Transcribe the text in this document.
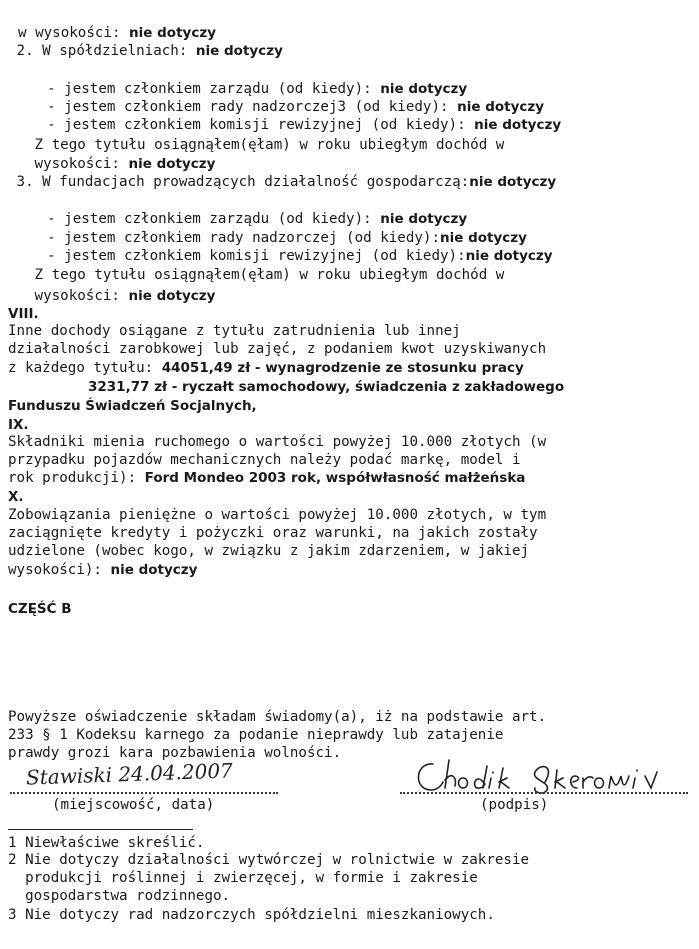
w wysokości: nie dotyczy
2. W spółdzielniach: nie dotyczy
- jestem członkiem zarządu (od kiedy): nie dotyczy
- jestem członkiem rady nadzorczej3 (od kiedy): nie dotyczy
- jestem członkiem komisji rewizyjnej (od kiedy): nie dotyczy
Z tego tytułu osiągnąłem(ęłam) w roku ubiegłym dochód w
wysokości: nie dotyczy
3. W fundacjach prowadzących działalność gospodarczą:nie dotyczy
- jestem członkiem zarządu (od kiedy): nie dotyczy
- jestem członkiem rady nadzorczej (od kiedy):nie dotyczy
- jestem członkiem komisji rewizyjnej (od kiedy):nie dotyczy
Z tego tytułu osiągnąłem(ęłam) w roku ubiegłym dochód w
wysokości: nie dotyczy
VIII.
Inne dochody osiągane z tytułu zatrudnienia lub innej
działalności zarobkowej lub zajęć, z podaniem kwot uzyskiwanych
z każdego tytułu: 44051,49 zł - wynagrodzenie ze stosunku pracy
3231,77 zł - ryczałt samochodowy, świadczenia z zakładowego
Funduszu Świadczeń Socjalnych,
IX.
Składniki mienia ruchomego o wartości powyżej 10.000 złotych (w
przypadku pojazdów mechanicznych należy podać markę, model i
rok produkcji): Ford Mondeo 2003 rok, współwłasność małżeńska
X.
Zobowiązania pieniężne o wartości powyżej 10.000 złotych, w tym
zaciągnięte kredyty i pożyczki oraz warunki, na jakich zostały
udzielone (wobec kogo, w związku z jakim zdarzeniem, w jakiej
wysokości): nie dotyczy
CZĘŚĆ B
Powyższe oświadczenie składam świadomy(a), iż na podstawie art.
233 § 1 Kodeksu karnego za podanie nieprawdy lub zatajenie
prawdy grozi kara pozbawienia wolności.
Stawiski 24.04.2007
(miejscowość, data)	(podpis)
1 Niewłaściwe skreślić.
2 Nie dotyczy działalności wytwórczej w rolnictwie w zakresie
produkcji roślinnej i zwierzęcej, w formie i zakresie
gospodarstwa rodzinnego.
3 Nie dotyczy rad nadzorczych spółdzielni mieszkaniowych.
